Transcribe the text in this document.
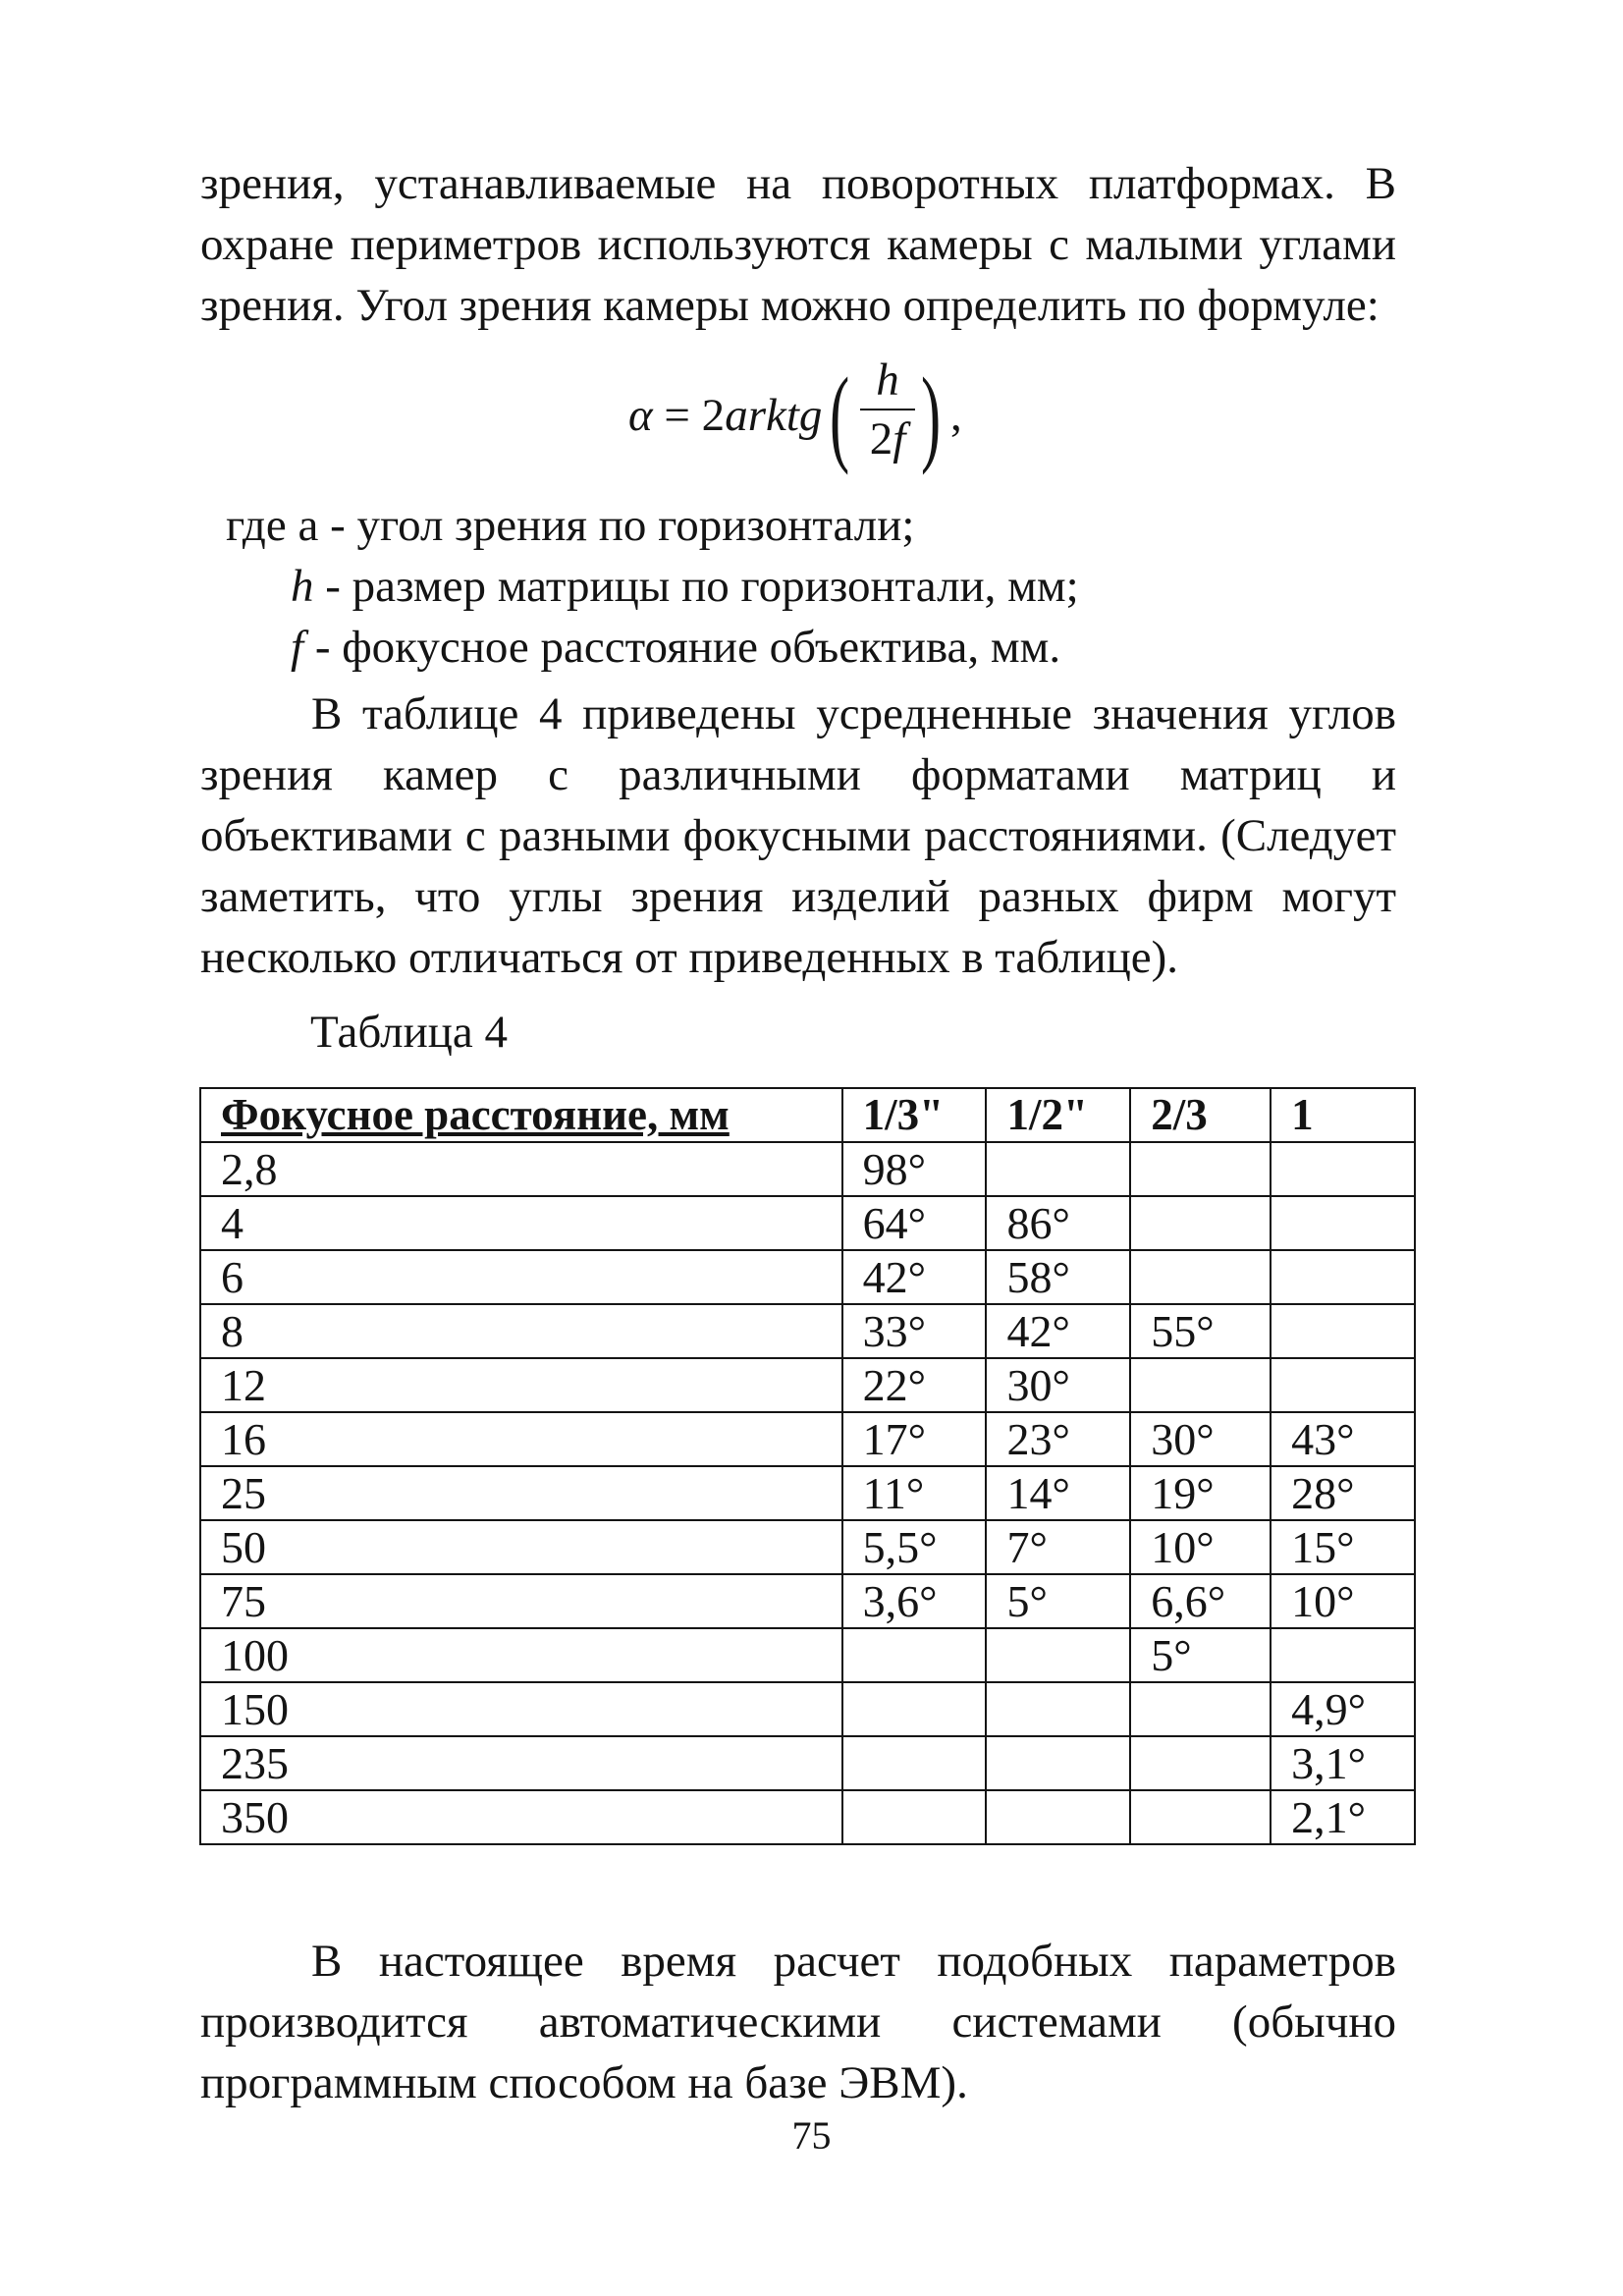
зрения, устанавливаемые на поворотных платформах. В охране периметров используются камеры с малыми углами зрения. Угол зрения камеры можно определить по формуле:

α = 2arktg ( h
2f ) ,
где а - угол зрения по горизонтали;
h - размер матрицы по горизонтали, мм;
f - фокусное расстояние объектива, мм.

В таблице 4 приведены усредненные значения углов зрения камер с различными форматами матриц и объективами с разными фокусными расстояниями. (Следует заметить, что углы зрения изделий разных фирм могут несколько отличаться от приведенных в таблице).

Таблица 4
Фокусное расстояние, мм	1/3"	1/2"	2/3	1
2,8	98°			
4	64°	86°		
6	42°	58°		
8	33°	42°	55°	
12	22°	30°		
16	17°	23°	30°	43°
25	11°	14°	19°	28°
50	5,5°	7°	10°	15°
75	3,6°	5°	6,6°	10°
100			5°	
150				4,9°
235				3,1°
350				2,1°

В настоящее время расчет подобных параметров производится автоматическими системами (обычно программным способом на базе ЭВМ).

75
